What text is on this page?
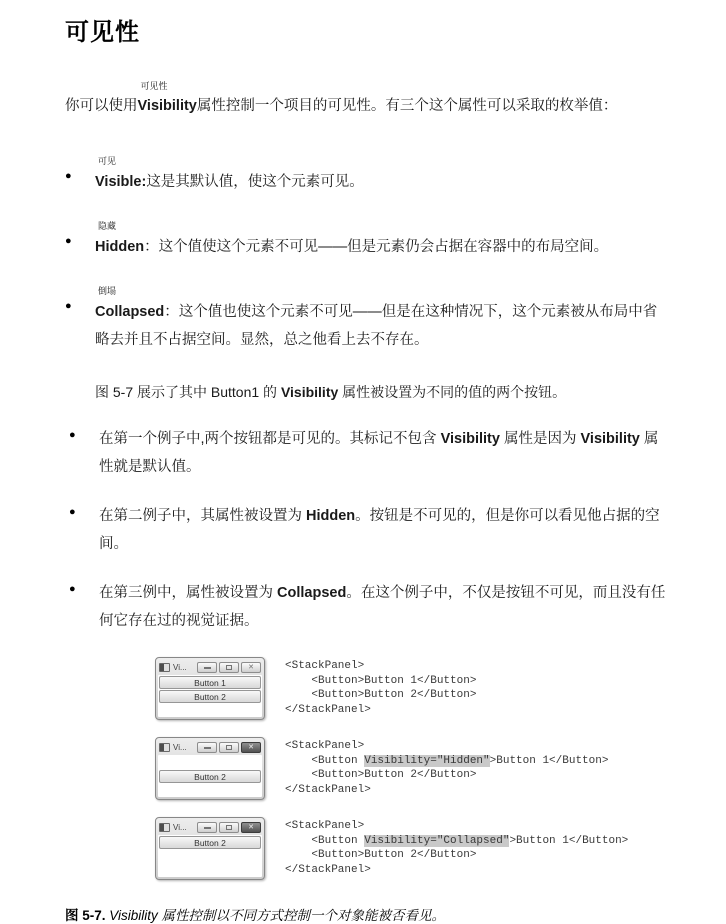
可见性

你可以使用
可见性
Visibility属性控制一个项目的可见性。有三个这个属性可以采取的枚举值：

●
可见
Visible:这是其默认值，使这个元素可见。
●
隐藏
Hidden：这个值使这个元素不可见——但是元素仍会占据在容器中的布局空间。
●
倒塌
Collapsed：这个值也使这个元素不可见——但是在这种情况下，这个元素被从布局中省略去并且不占据空间。显然，总之他看上去不存在。

图 5-7 展示了其中 Button1 的 Visibility 属性被设置为不同的值的两个按钮。

●	在第一个例子中,两个按钮都是可见的。其标记不包含 Visibility 属性是因为 Visibility 属性就是默认值。
●	在第二例子中，其属性被设置为 Hidden。按钮是不可见的，但是你可以看见他占据的空间。
●	在第三例中，属性被设置为 Collapsed。在这个例子中，不仅是按钮不可见，而且没有任何它存在过的视觉证据。
Vi...	✕
Button 1
Button 2
<StackPanel>
<Button>Button 1</Button>
<Button>Button 2</Button>
</StackPanel>
Vi...	✕
Button 2
<StackPanel>
<Button Visibility="Hidden">Button 1</Button>
<Button>Button 2</Button>
</StackPanel>
Vi...	✕
Button 2
<StackPanel>
<Button Visibility="Collapsed">Button 1</Button>
<Button>Button 2</Button>
</StackPanel>

图 5-7. Visibility 属性控制以不同方式控制一个对象能被否看见。
